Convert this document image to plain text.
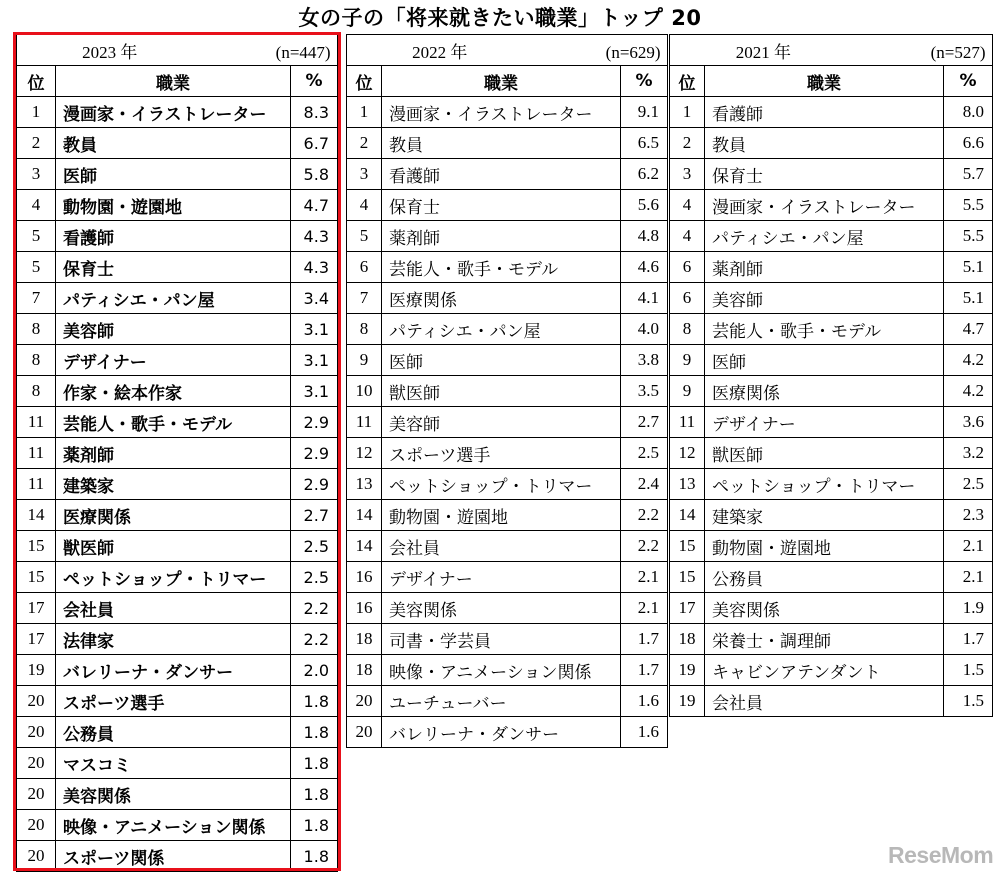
女の子の「将来就きたい職業」トップ 20
2023 年 (n=447)		
位	職業	%
1	漫画家・イラストレーター	8.3
2	教員	6.7
3	医師	5.8
4	動物園・遊園地	4.7
5	看護師	4.3
5	保育士	4.3
7	パティシエ・パン屋	3.4
8	美容師	3.1
8	デザイナー	3.1
8	作家・絵本作家	3.1
11	芸能人・歌手・モデル	2.9
11	薬剤師	2.9
11	建築家	2.9
14	医療関係	2.7
15	獣医師	2.5
15	ペットショップ・トリマー	2.5
17	会社員	2.2
17	法律家	2.2
19	バレリーナ・ダンサー	2.0
20	スポーツ選手	1.8
20	公務員	1.8
20	マスコミ	1.8
20	美容関係	1.8
20	映像・アニメーション関係	1.8
20	スポーツ関係	1.8
2022 年 (n=629)		
位	職業	%
1	漫画家・イラストレーター	9.1
2	教員	6.5
3	看護師	6.2
4	保育士	5.6
5	薬剤師	4.8
6	芸能人・歌手・モデル	4.6
7	医療関係	4.1
8	パティシエ・パン屋	4.0
9	医師	3.8
10	獣医師	3.5
11	美容師	2.7
12	スポーツ選手	2.5
13	ペットショップ・トリマー	2.4
14	動物園・遊園地	2.2
14	会社員	2.2
16	デザイナー	2.1
16	美容関係	2.1
18	司書・学芸員	1.7
18	映像・アニメーション関係	1.7
20	ユーチューバー	1.6
20	バレリーナ・ダンサー	1.6
2021 年 (n=527)		
位	職業	%
1	看護師	8.0
2	教員	6.6
3	保育士	5.7
4	漫画家・イラストレーター	5.5
4	パティシエ・パン屋	5.5
6	薬剤師	5.1
6	美容師	5.1
8	芸能人・歌手・モデル	4.7
9	医師	4.2
9	医療関係	4.2
11	デザイナー	3.6
12	獣医師	3.2
13	ペットショップ・トリマー	2.5
14	建築家	2.3
15	動物園・遊園地	2.1
15	公務員	2.1
17	美容関係	1.9
18	栄養士・調理師	1.7
19	キャビンアテンダント	1.5
19	会社員	1.5
ReseMom
